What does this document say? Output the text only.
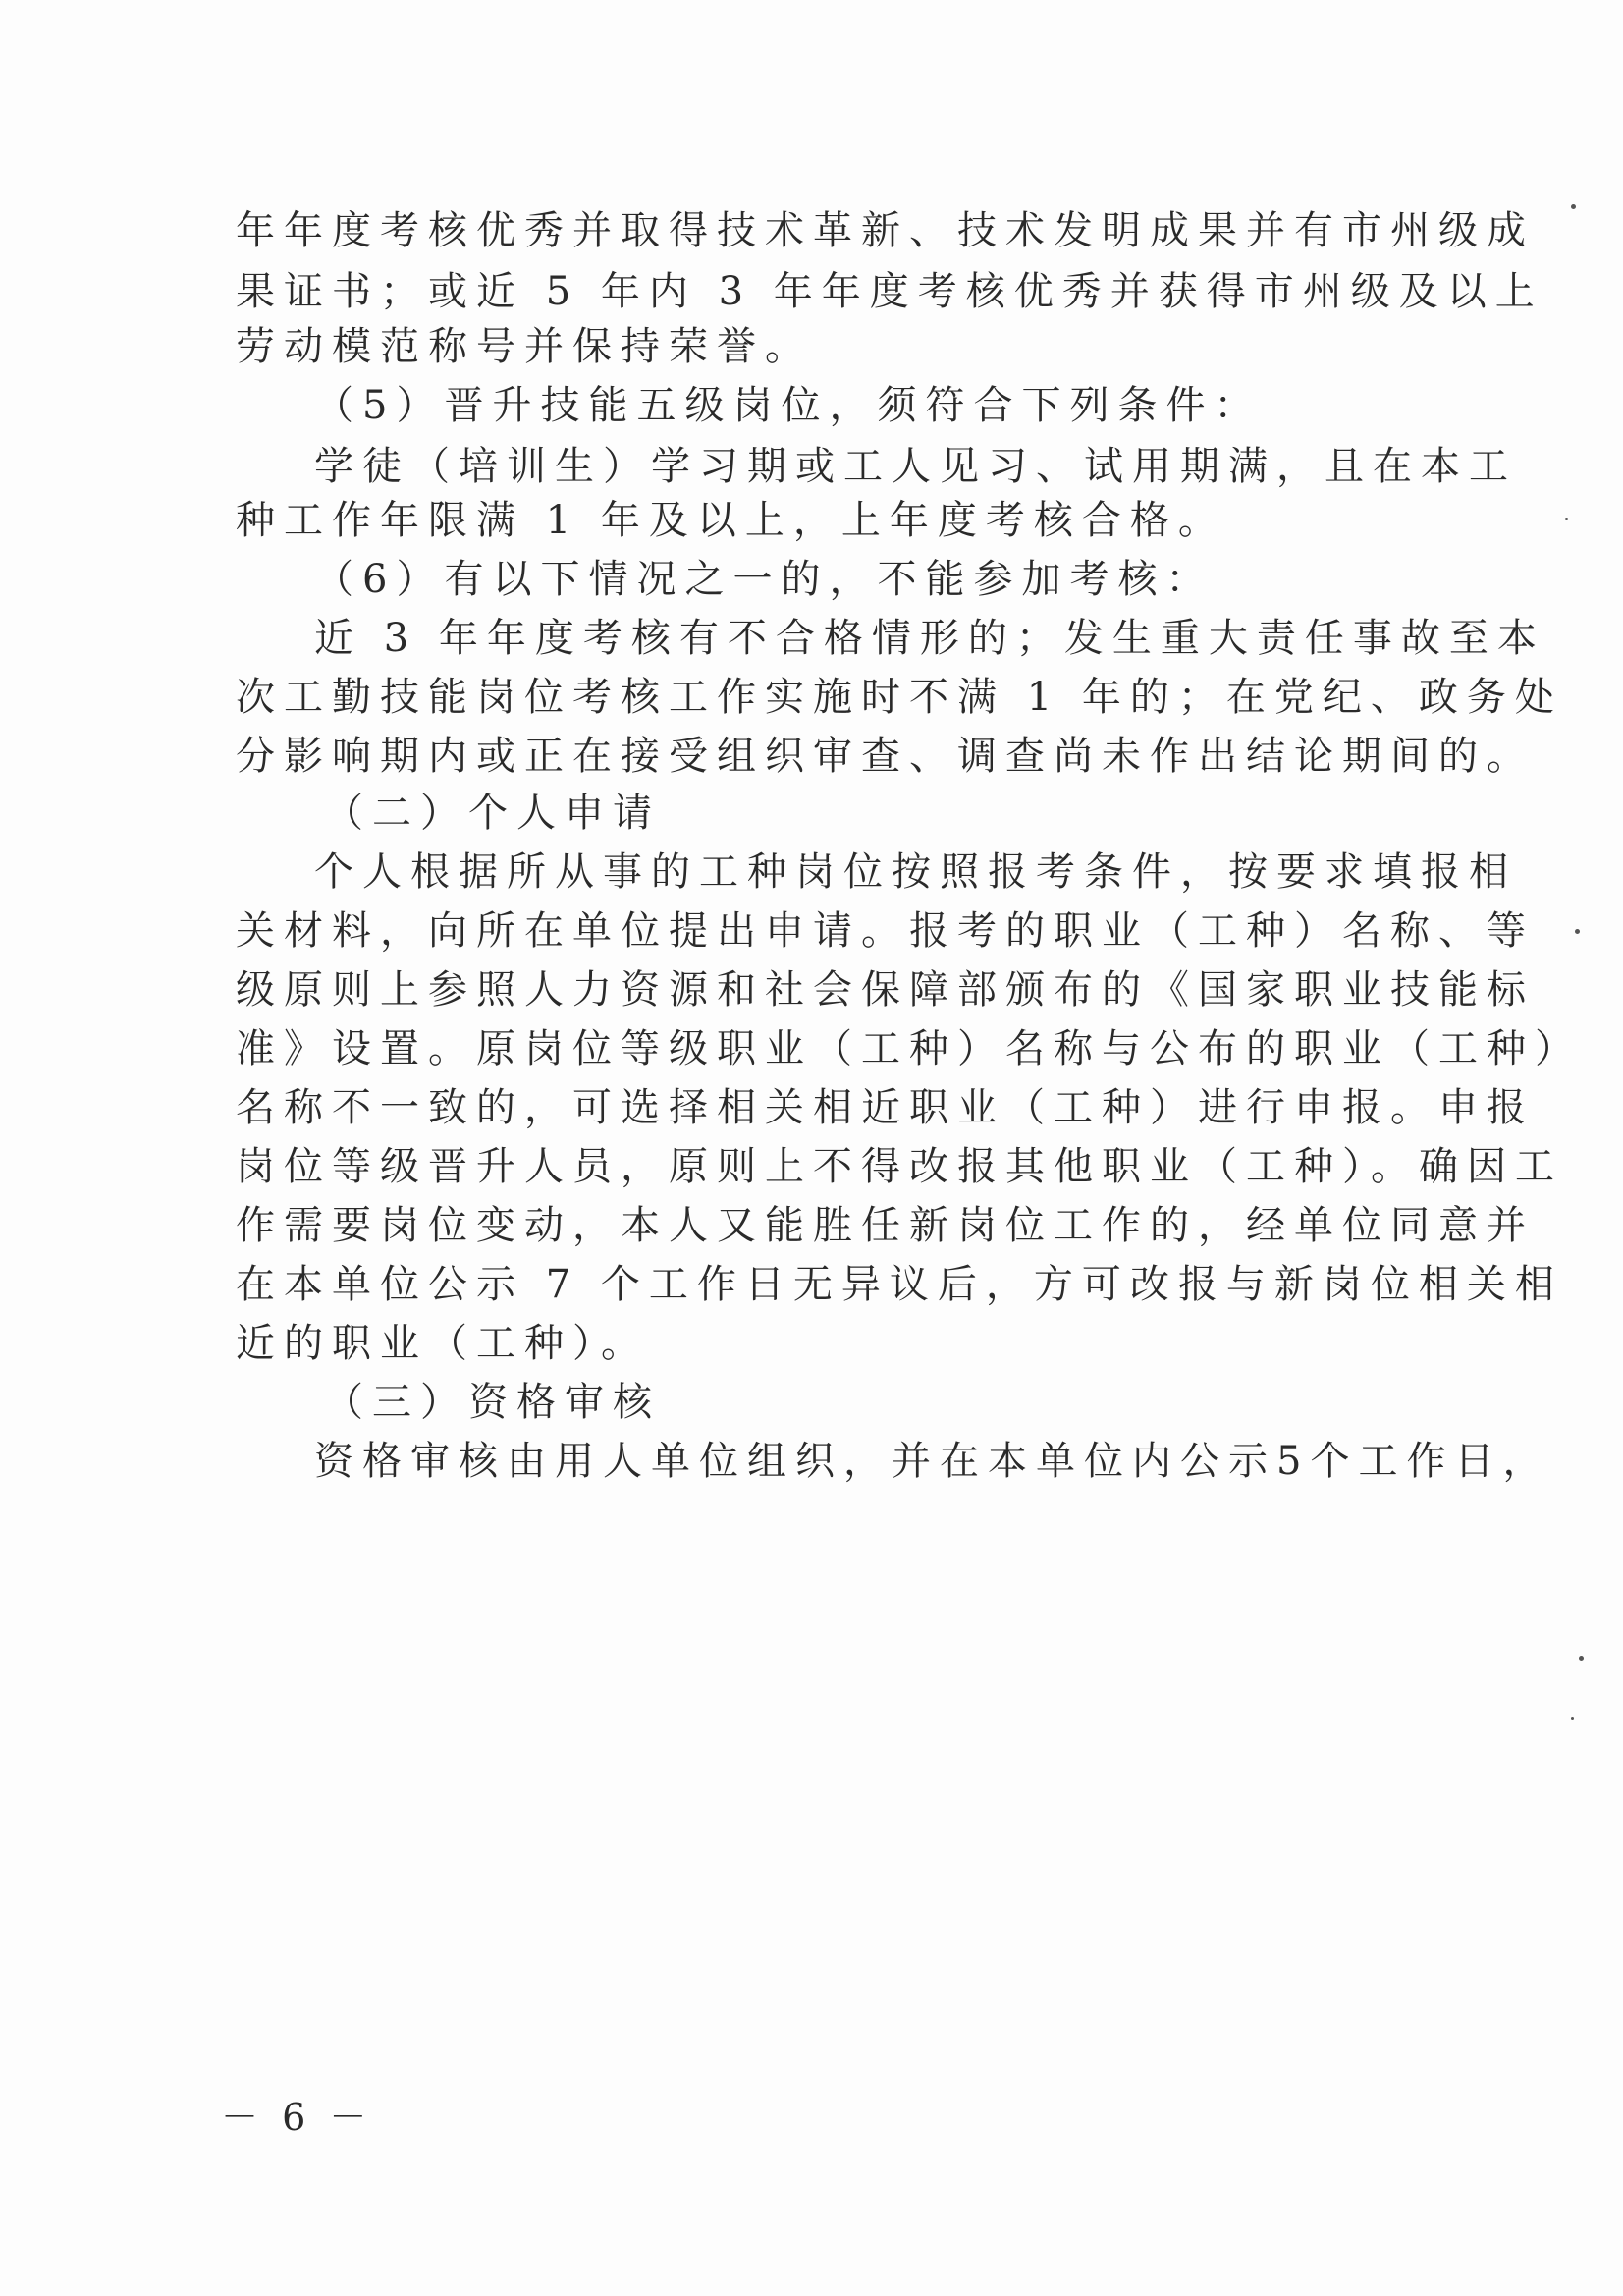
年年度考核优秀并取得技术革新、技术发明成果并有市州级成
果证书；或近 5 年内 3 年年度考核优秀并获得市州级及以上
劳动模范称号并保持荣誉。
（5）晋升技能五级岗位，须符合下列条件：
学徒（培训生）学习期或工人见习、试用期满，且在本工
种工作年限满 1 年及以上，上年度考核合格。
（6）有以下情况之一的，不能参加考核：
近 3 年年度考核有不合格情形的；发生重大责任事故至本
次工勤技能岗位考核工作实施时不满 1 年的；在党纪、政务处
分影响期内或正在接受组织审查、调查尚未作出结论期间的。
（二）个人申请
个人根据所从事的工种岗位按照报考条件，按要求填报相
关材料，向所在单位提出申请。报考的职业（工种）名称、等
级原则上参照人力资源和社会保障部颁布的《国家职业技能标
准》设置。原岗位等级职业（工种）名称与公布的职业（工种）
名称不一致的，可选择相关相近职业（工种）进行申报。申报
岗位等级晋升人员，原则上不得改报其他职业（工种）。确因工
作需要岗位变动，本人又能胜任新岗位工作的，经单位同意并
在本单位公示 7 个工作日无异议后，方可改报与新岗位相关相
近的职业（工种）。
（三）资格审核
资格审核由用人单位组织，并在本单位内公示5个工作日，
－ 6 －
